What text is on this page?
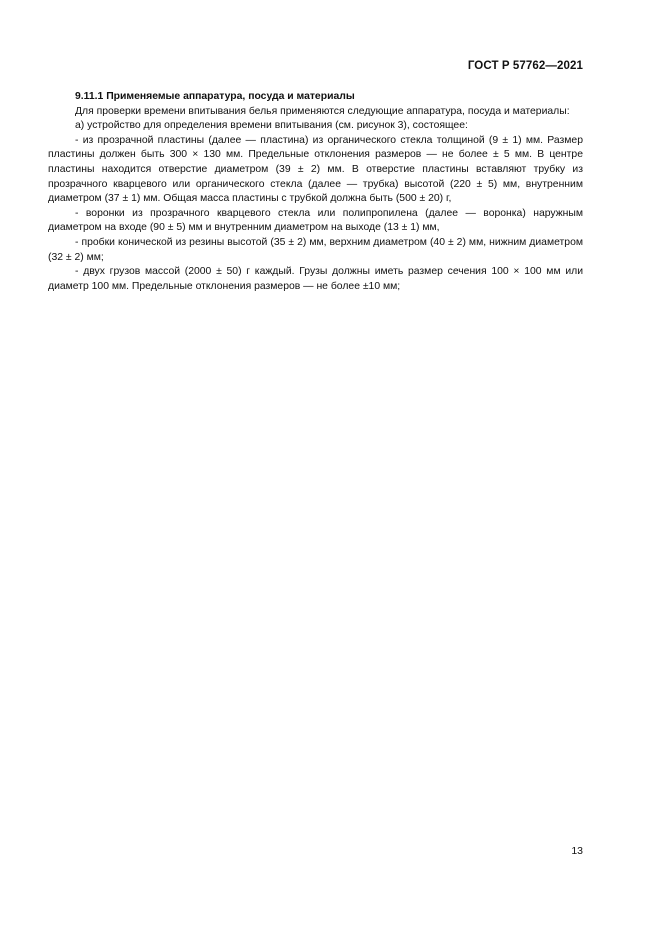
ГОСТ Р 57762—2021

9.11.1 Применяемые аппаратура, посуда и материалы

Для проверки времени впитывания белья применяются следующие аппаратура, посуда и материалы:

а) устройство для определения времени впитывания (см. рисунок 3), состоящее:

- из прозрачной пластины (далее — пластина) из органического стекла толщиной (9 ± 1) мм. Размер пластины должен быть 300 × 130 мм. Предельные отклонения размеров — не более ± 5 мм. В центре пластины находится отверстие диаметром (39 ± 2) мм. В отверстие пластины вставляют трубку из прозрачного кварцевого или органического стекла (далее — трубка) высотой (220 ± 5) мм, внутренним диаметром (37 ± 1) мм. Общая масса пластины с трубкой должна быть (500 ± 20) г,

- воронки из прозрачного кварцевого стекла или полипропилена (далее — воронка) наружным диаметром на входе (90 ± 5) мм и внутренним диаметром на выходе (13 ± 1) мм,

- пробки конической из резины высотой (35 ± 2) мм, верхним диаметром (40 ± 2) мм, нижним диаметром (32 ± 2) мм;

- двух грузов массой (2000 ± 50) г каждый. Грузы должны иметь размер сечения 100 × 100 мм или диаметр 100 мм. Предельные отклонения размеров — не более ±10 мм;

13
